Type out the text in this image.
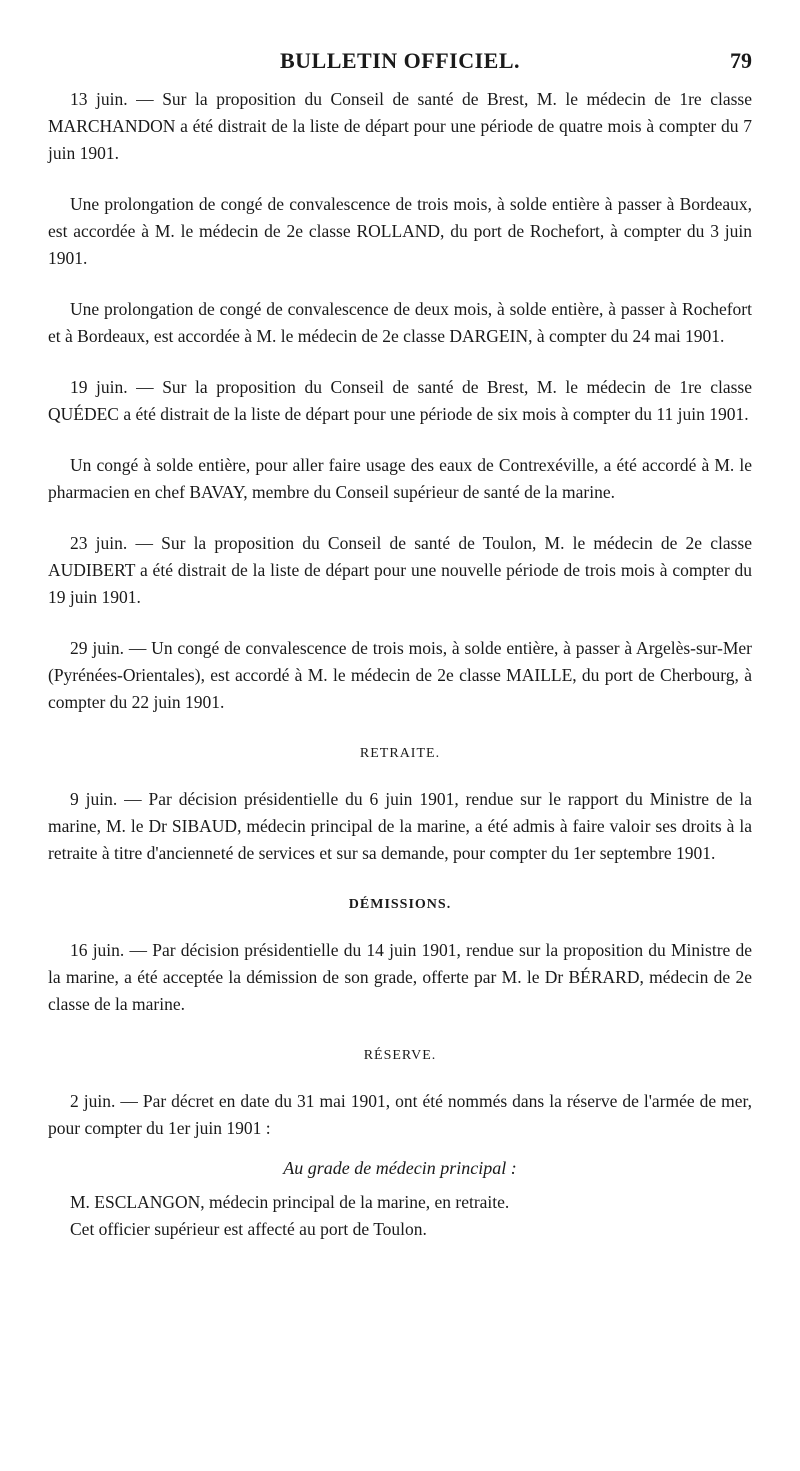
BULLETIN OFFICIEL.	79

13 juin. — Sur la proposition du Conseil de santé de Brest, M. le médecin de 1re classe MARCHANDON a été distrait de la liste de départ pour une période de quatre mois à compter du 7 juin 1901.

Une prolongation de congé de convalescence de trois mois, à solde entière à passer à Bordeaux, est accordée à M. le médecin de 2e classe ROLLAND, du port de Rochefort, à compter du 3 juin 1901.

Une prolongation de congé de convalescence de deux mois, à solde entière, à passer à Rochefort et à Bordeaux, est accordée à M. le médecin de 2e classe DARGEIN, à compter du 24 mai 1901.

19 juin. — Sur la proposition du Conseil de santé de Brest, M. le médecin de 1re classe QUÉDEC a été distrait de la liste de départ pour une période de six mois à compter du 11 juin 1901.

Un congé à solde entière, pour aller faire usage des eaux de Contrexéville, a été accordé à M. le pharmacien en chef BAVAY, membre du Conseil supérieur de santé de la marine.

23 juin. — Sur la proposition du Conseil de santé de Toulon, M. le médecin de 2e classe AUDIBERT a été distrait de la liste de départ pour une nouvelle période de trois mois à compter du 19 juin 1901.

29 juin. — Un congé de convalescence de trois mois, à solde entière, à passer à Argelès-sur-Mer (Pyrénées-Orientales), est accordé à M. le médecin de 2e classe MAILLE, du port de Cherbourg, à compter du 22 juin 1901.

RETRAITE.

9 juin. — Par décision présidentielle du 6 juin 1901, rendue sur le rapport du Ministre de la marine, M. le Dr SIBAUD, médecin principal de la marine, a été admis à faire valoir ses droits à la retraite à titre d'ancienneté de services et sur sa demande, pour compter du 1er septembre 1901.

DÉMISSIONS.

16 juin. — Par décision présidentielle du 14 juin 1901, rendue sur la proposition du Ministre de la marine, a été acceptée la démission de son grade, offerte par M. le Dr BÉRARD, médecin de 2e classe de la marine.

RÉSERVE.

2 juin. — Par décret en date du 31 mai 1901, ont été nommés dans la réserve de l'armée de mer, pour compter du 1er juin 1901 :

Au grade de médecin principal :

M. ESCLANGON, médecin principal de la marine, en retraite.

Cet officier supérieur est affecté au port de Toulon.
